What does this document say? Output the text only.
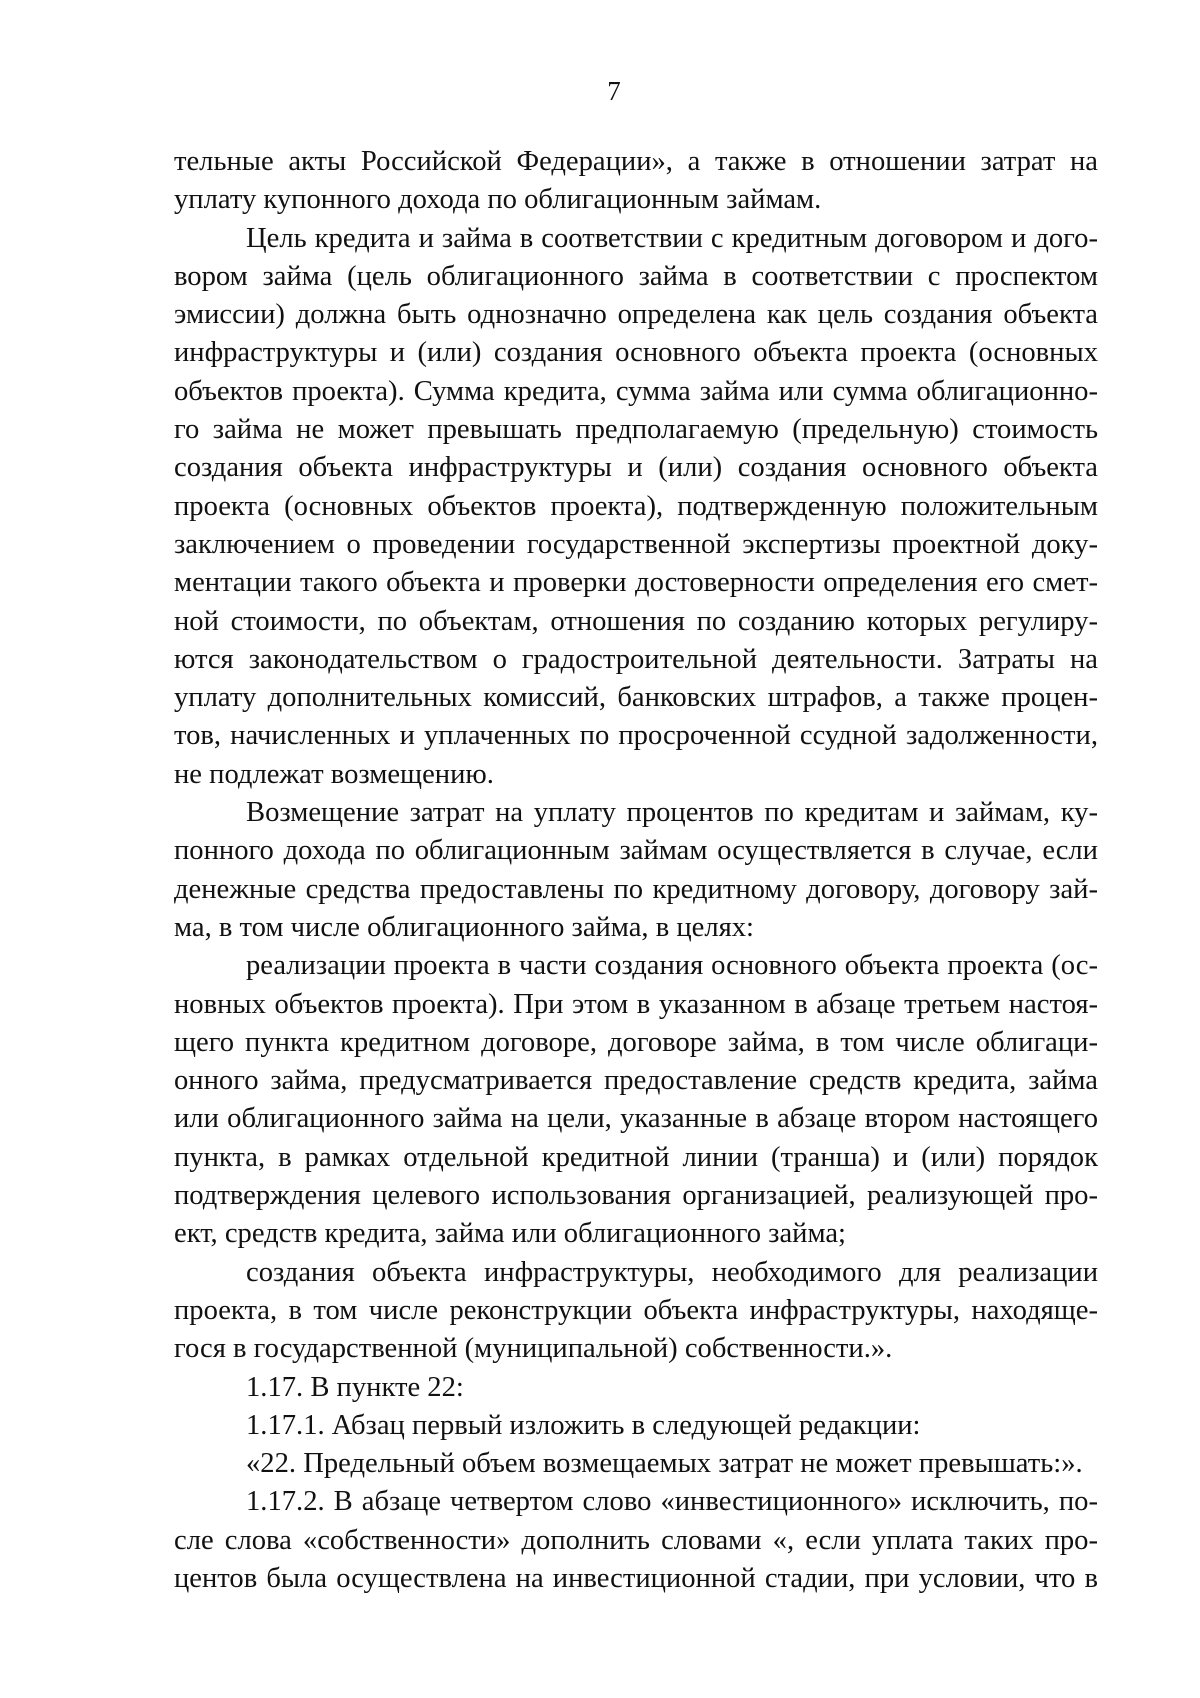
7

тельные акты Российской Федерации», а также в отношении затрат на
уплату купонного дохода по облигационным займам.

Цель кредита и займа в соответствии с кредитным договором и дого-
вором займа (цель облигационного займа в соответствии с проспектом
эмиссии) должна быть однозначно определена как цель создания объекта
инфраструктуры и (или) создания основного объекта проекта (основных
объектов проекта). Сумма кредита, сумма займа или сумма облигационно-
го займа не может превышать предполагаемую (предельную) стоимость
создания объекта инфраструктуры и (или) создания основного объекта
проекта (основных объектов проекта), подтвержденную положительным
заключением о проведении государственной экспертизы проектной доку-
ментации такого объекта и проверки достоверности определения его смет-
ной стоимости, по объектам, отношения по созданию которых регулиру-
ются законодательством о градостроительной деятельности. Затраты на
уплату дополнительных комиссий, банковских штрафов, а также процен-
тов, начисленных и уплаченных по просроченной ссудной задолженности,
не подлежат возмещению.

Возмещение затрат на уплату процентов по кредитам и займам, ку-
понного дохода по облигационным займам осуществляется в случае, если
денежные средства предоставлены по кредитному договору, договору зай-
ма, в том числе облигационного займа, в целях:

реализации проекта в части создания основного объекта проекта (ос-
новных объектов проекта). При этом в указанном в абзаце третьем настоя-
щего пункта кредитном договоре, договоре займа, в том числе облигаци-
онного займа, предусматривается предоставление средств кредита, займа
или облигационного займа на цели, указанные в абзаце втором настоящего
пункта, в рамках отдельной кредитной линии (транша) и (или) порядок
подтверждения целевого использования организацией, реализующей про-
ект, средств кредита, займа или облигационного займа;

создания объекта инфраструктуры, необходимого для реализации
проекта, в том числе реконструкции объекта инфраструктуры, находяще-
гося в государственной (муниципальной) собственности.».

1.17. В пункте 22:

1.17.1. Абзац первый изложить в следующей редакции:

«22. Предельный объем возмещаемых затрат не может превышать:».

1.17.2. В абзаце четвертом слово «инвестиционного» исключить, по-
сле слова «собственности» дополнить словами «, если уплата таких про-
центов была осуществлена на инвестиционной стадии, при условии, что в
